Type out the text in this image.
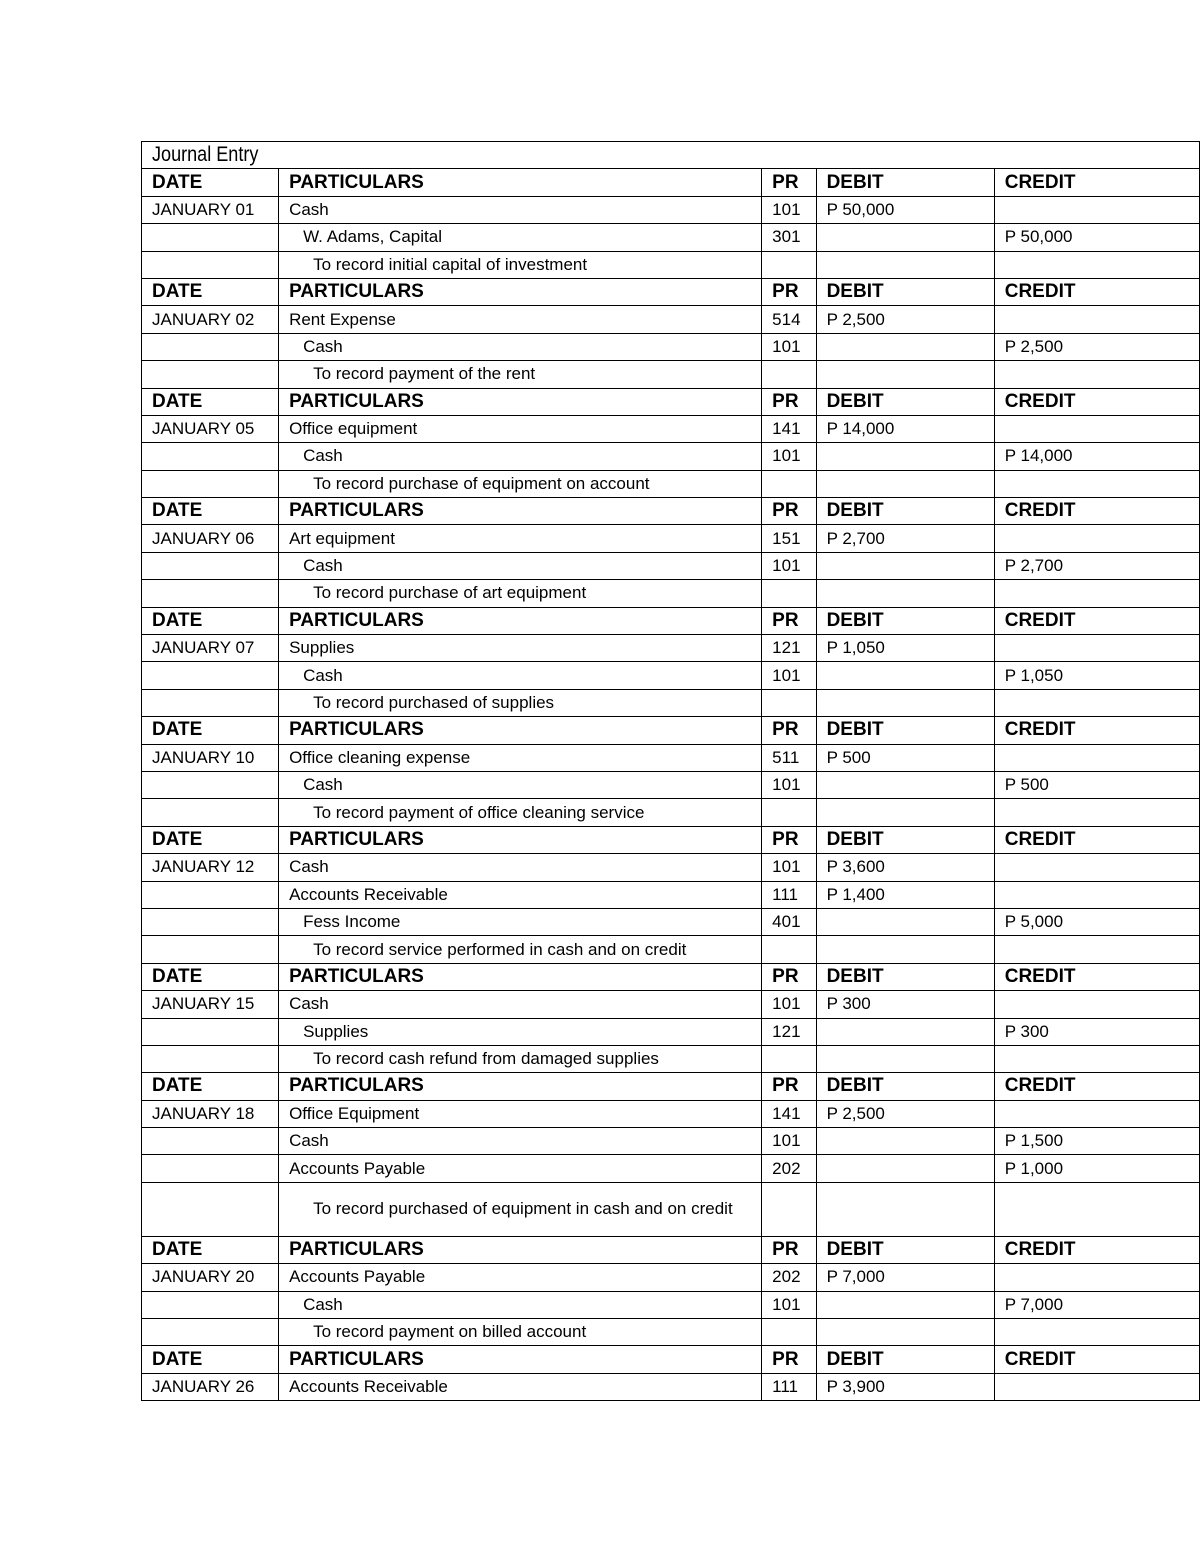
Journal Entry				
DATE	PARTICULARS	PR	DEBIT	CREDIT
JANUARY 01	Cash	101	P 50,000	
	W. Adams, Capital	301		P 50,000
	To record initial capital of investment			
DATE	PARTICULARS	PR	DEBIT	CREDIT
JANUARY 02	Rent Expense	514	P 2,500	
	Cash	101		P 2,500
	To record payment of the rent			
DATE	PARTICULARS	PR	DEBIT	CREDIT
JANUARY 05	Office equipment	141	P 14,000	
	Cash	101		P 14,000
	To record purchase of equipment on account			
DATE	PARTICULARS	PR	DEBIT	CREDIT
JANUARY 06	Art equipment	151	P 2,700	
	Cash	101		P 2,700
	To record purchase of art equipment			
DATE	PARTICULARS	PR	DEBIT	CREDIT
JANUARY 07	Supplies	121	P 1,050	
	Cash	101		P 1,050
	To record purchased of supplies			
DATE	PARTICULARS	PR	DEBIT	CREDIT
JANUARY 10	Office cleaning expense	511	P 500	
	Cash	101		P 500
	To record payment of office cleaning service			
DATE	PARTICULARS	PR	DEBIT	CREDIT
JANUARY 12	Cash	101	P 3,600	
	Accounts Receivable	111	P 1,400	
	Fess Income	401		P 5,000
	To record service performed in cash and on credit			
DATE	PARTICULARS	PR	DEBIT	CREDIT
JANUARY 15	Cash	101	P 300	
	Supplies	121		P 300
	To record cash refund from damaged supplies			
DATE	PARTICULARS	PR	DEBIT	CREDIT
JANUARY 18	Office Equipment	141	P 2,500	
	Cash	101		P 1,500
	Accounts Payable	202		P 1,000
	To record purchased of equipment in cash and on credit			
DATE	PARTICULARS	PR	DEBIT	CREDIT
JANUARY 20	Accounts Payable	202	P 7,000	
	Cash	101		P 7,000
	To record payment on billed account			
DATE	PARTICULARS	PR	DEBIT	CREDIT
JANUARY 26	Accounts Receivable	111	P 3,900	
